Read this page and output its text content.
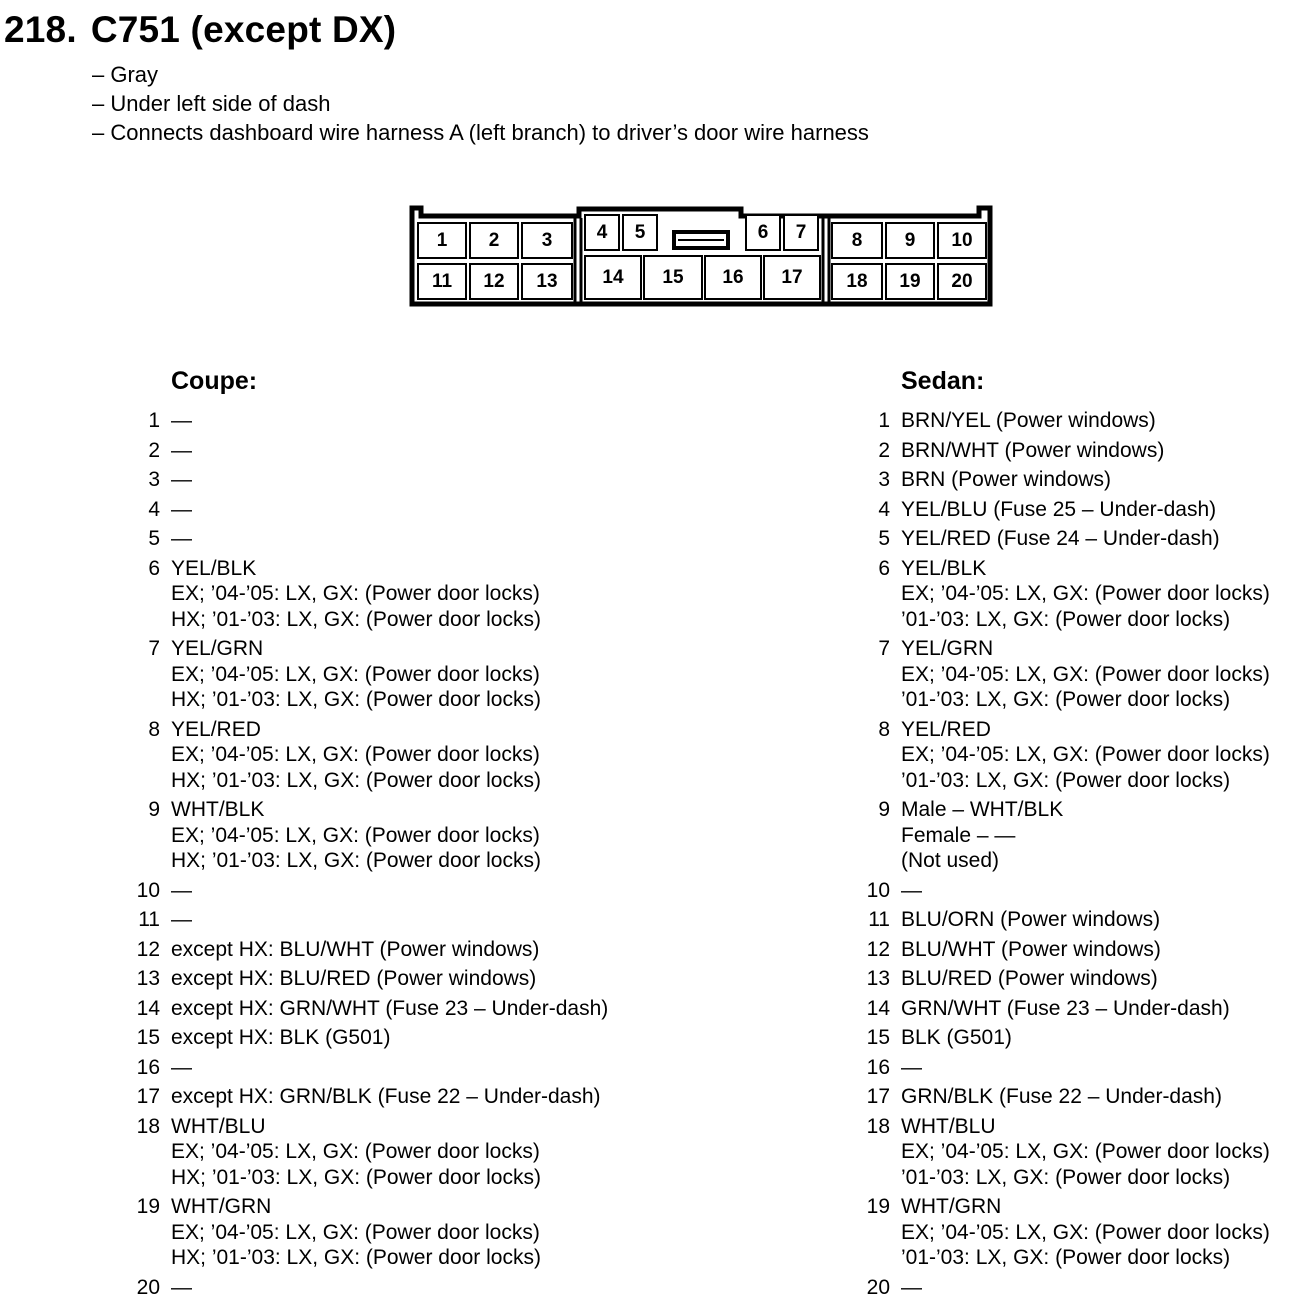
218. C751 (except DX)
– Gray
– Under left side of dash
– Connects dashboard wire harness A (left branch) to driver’s door wire harness
1	2	3	4	5	6	7	8	9	10
11	12	13	14	15	16	17	18	19	20
Coupe:
1 —
2 —
3 —
4 —
5 —
6 YEL/BLK
EX; ’04-’05: LX, GX: (Power door locks)
HX; ’01-’03: LX, GX: (Power door locks)
7 YEL/GRN
EX; ’04-’05: LX, GX: (Power door locks)
HX; ’01-’03: LX, GX: (Power door locks)
8 YEL/RED
EX; ’04-’05: LX, GX: (Power door locks)
HX; ’01-’03: LX, GX: (Power door locks)
9 WHT/BLK
EX; ’04-’05: LX, GX: (Power door locks)
HX; ’01-’03: LX, GX: (Power door locks)
10 —
11 —
12 except HX: BLU/WHT (Power windows)
13 except HX: BLU/RED (Power windows)
14 except HX: GRN/WHT (Fuse 23 – Under-dash)
15 except HX: BLK (G501)
16 —
17 except HX: GRN/BLK (Fuse 22 – Under-dash)
18 WHT/BLU
EX; ’04-’05: LX, GX: (Power door locks)
HX; ’01-’03: LX, GX: (Power door locks)
19 WHT/GRN
EX; ’04-’05: LX, GX: (Power door locks)
HX; ’01-’03: LX, GX: (Power door locks)
20 —
Sedan:
1 BRN/YEL (Power windows)
2 BRN/WHT (Power windows)
3 BRN (Power windows)
4 YEL/BLU (Fuse 25 – Under-dash)
5 YEL/RED (Fuse 24 – Under-dash)
6 YEL/BLK
EX; ’04-’05: LX, GX: (Power door locks)
’01-’03: LX, GX: (Power door locks)
7 YEL/GRN
EX; ’04-’05: LX, GX: (Power door locks)
’01-’03: LX, GX: (Power door locks)
8 YEL/RED
EX; ’04-’05: LX, GX: (Power door locks)
’01-’03: LX, GX: (Power door locks)
9 Male – WHT/BLK
Female – —
(Not used)
10 —
11 BLU/ORN (Power windows)
12 BLU/WHT (Power windows)
13 BLU/RED (Power windows)
14 GRN/WHT (Fuse 23 – Under-dash)
15 BLK (G501)
16 —
17 GRN/BLK (Fuse 22 – Under-dash)
18 WHT/BLU
EX; ’04-’05: LX, GX: (Power door locks)
’01-’03: LX, GX: (Power door locks)
19 WHT/GRN
EX; ’04-’05: LX, GX: (Power door locks)
’01-’03: LX, GX: (Power door locks)
20 —
